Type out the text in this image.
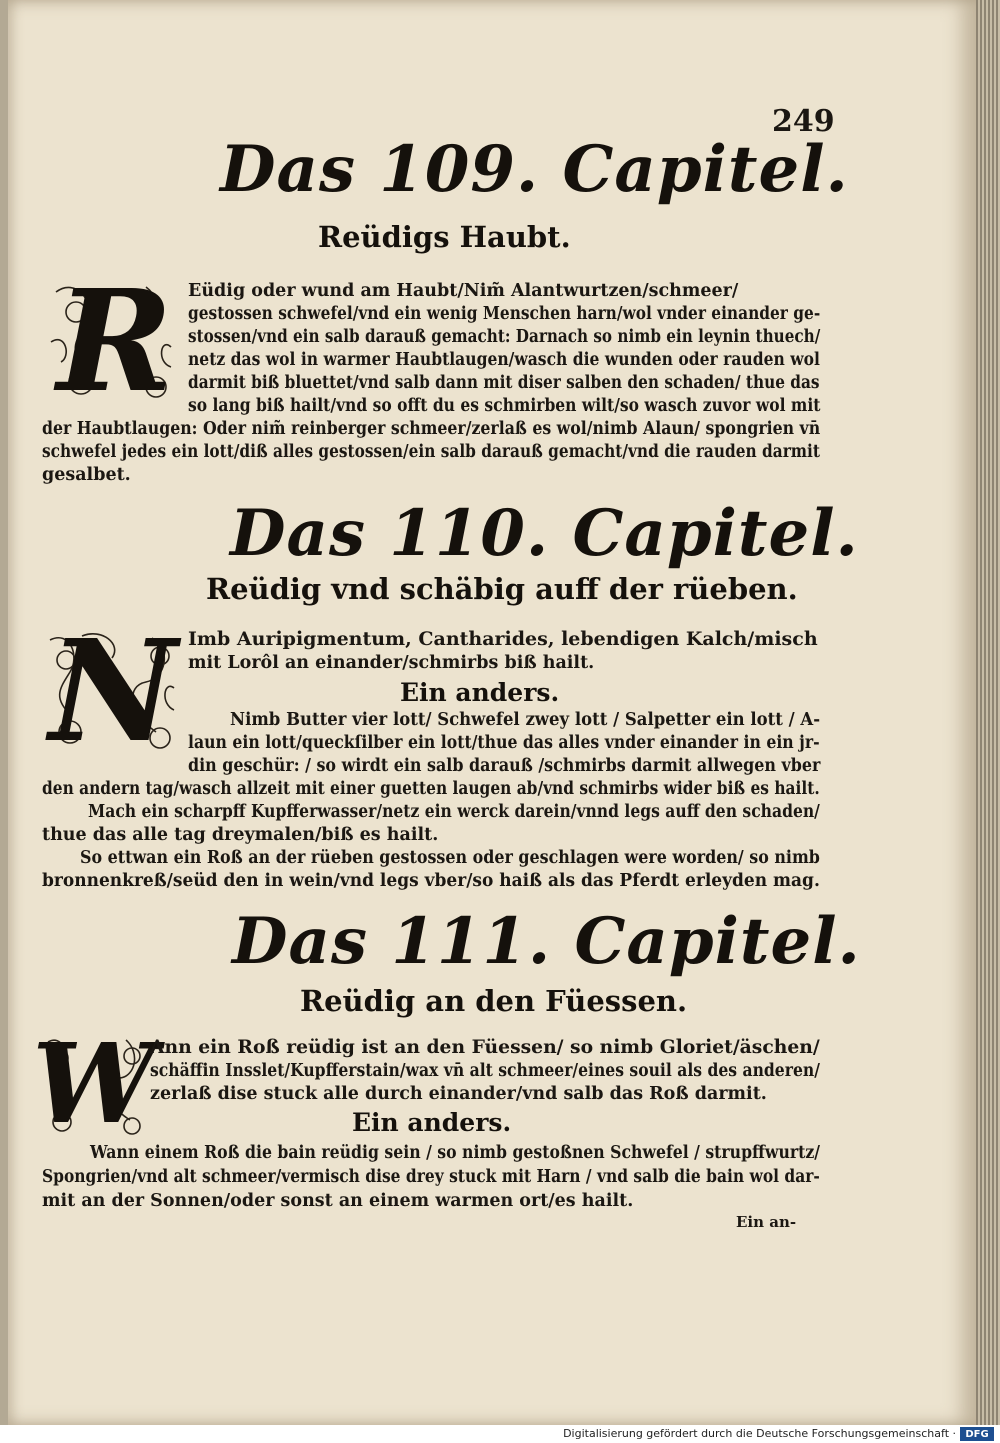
249
Das 109. Capitel.
Reüdigs Haubt.
R Eüdig oder wund am Haubt/Nim̃ Alantwurtzen/schmeer/
gestossen schwefel/vnd ein wenig Menschen harn/wol vnder einander ge-
stossen/vnd ein salb darauß gemacht: Darnach so nimb ein leynin thuech/
netz das wol in warmer Haubtlaugen/wasch die wunden oder rauden wol
darmit biß bluettet/vnd salb dann mit diser salben den schaden/ thue das
so lang biß hailt/vnd so offt du es schmirben wilt/so wasch zuvor wol mit
der Haubtlaugen: Oder nim̃ reinberger schmeer/zerlaß es wol/nimb Alaun/ spongrien vn̄
schwefel jedes ein lott/diß alles gestossen/ein salb darauß gemacht/vnd die rauden darmit
gesalbet.
Das 110. Capitel.
Reüdig vnd schäbig auff der rüeben.
N Imb Auripigmentum, Cantharides, lebendigen Kalch/misch
mit Lorôl an einander/schmirbs biß hailt.
Ein anders.
Nimb Butter vier lott/ Schwefel zwey lott / Salpetter ein lott / A-
laun ein lott/queckſilber ein lott/thue das alles vnder einander in ein jr-
din geschür: / so wirdt ein salb darauß /schmirbs darmit allwegen vber
den andern tag/wasch allzeit mit einer guetten laugen ab/vnd schmirbs wider biß es hailt.
Mach ein scharpff Kupfferwasser/netz ein werck darein/vnnd legs auff den schaden/
thue das alle tag dreymalen/biß es hailt.
So ettwan ein Roß an der rüeben gestossen oder geschlagen were worden/ so nimb
bronnenkreß/seüd den in wein/vnd legs vber/so haiß als das Pferdt erleyden mag.
Das 111. Capitel.
Reüdig an den Füessen.
W
Ann ein Roß reüdig ist an den Füessen/ so nimb Gloriet/äschen/
schäffin Insslet/Kupfferstain/wax vn̄ alt schmeer/eines souil als des anderen/
zerlaß dise stuck alle durch einander/vnd salb das Roß darmit.
Ein anders.
Wann einem Roß die bain reüdig sein / so nimb gestoßnen Schwefel / strupffwurtz/
Spongrien/vnd alt schmeer/vermisch dise drey stuck mit Harn / vnd salb die bain wol dar-
mit an der Sonnen/oder sonst an einem warmen ort/es hailt.
Ein an-
Digitalisierung gefördert durch die Deutsche Forschungsgemeinschaft · DFG
